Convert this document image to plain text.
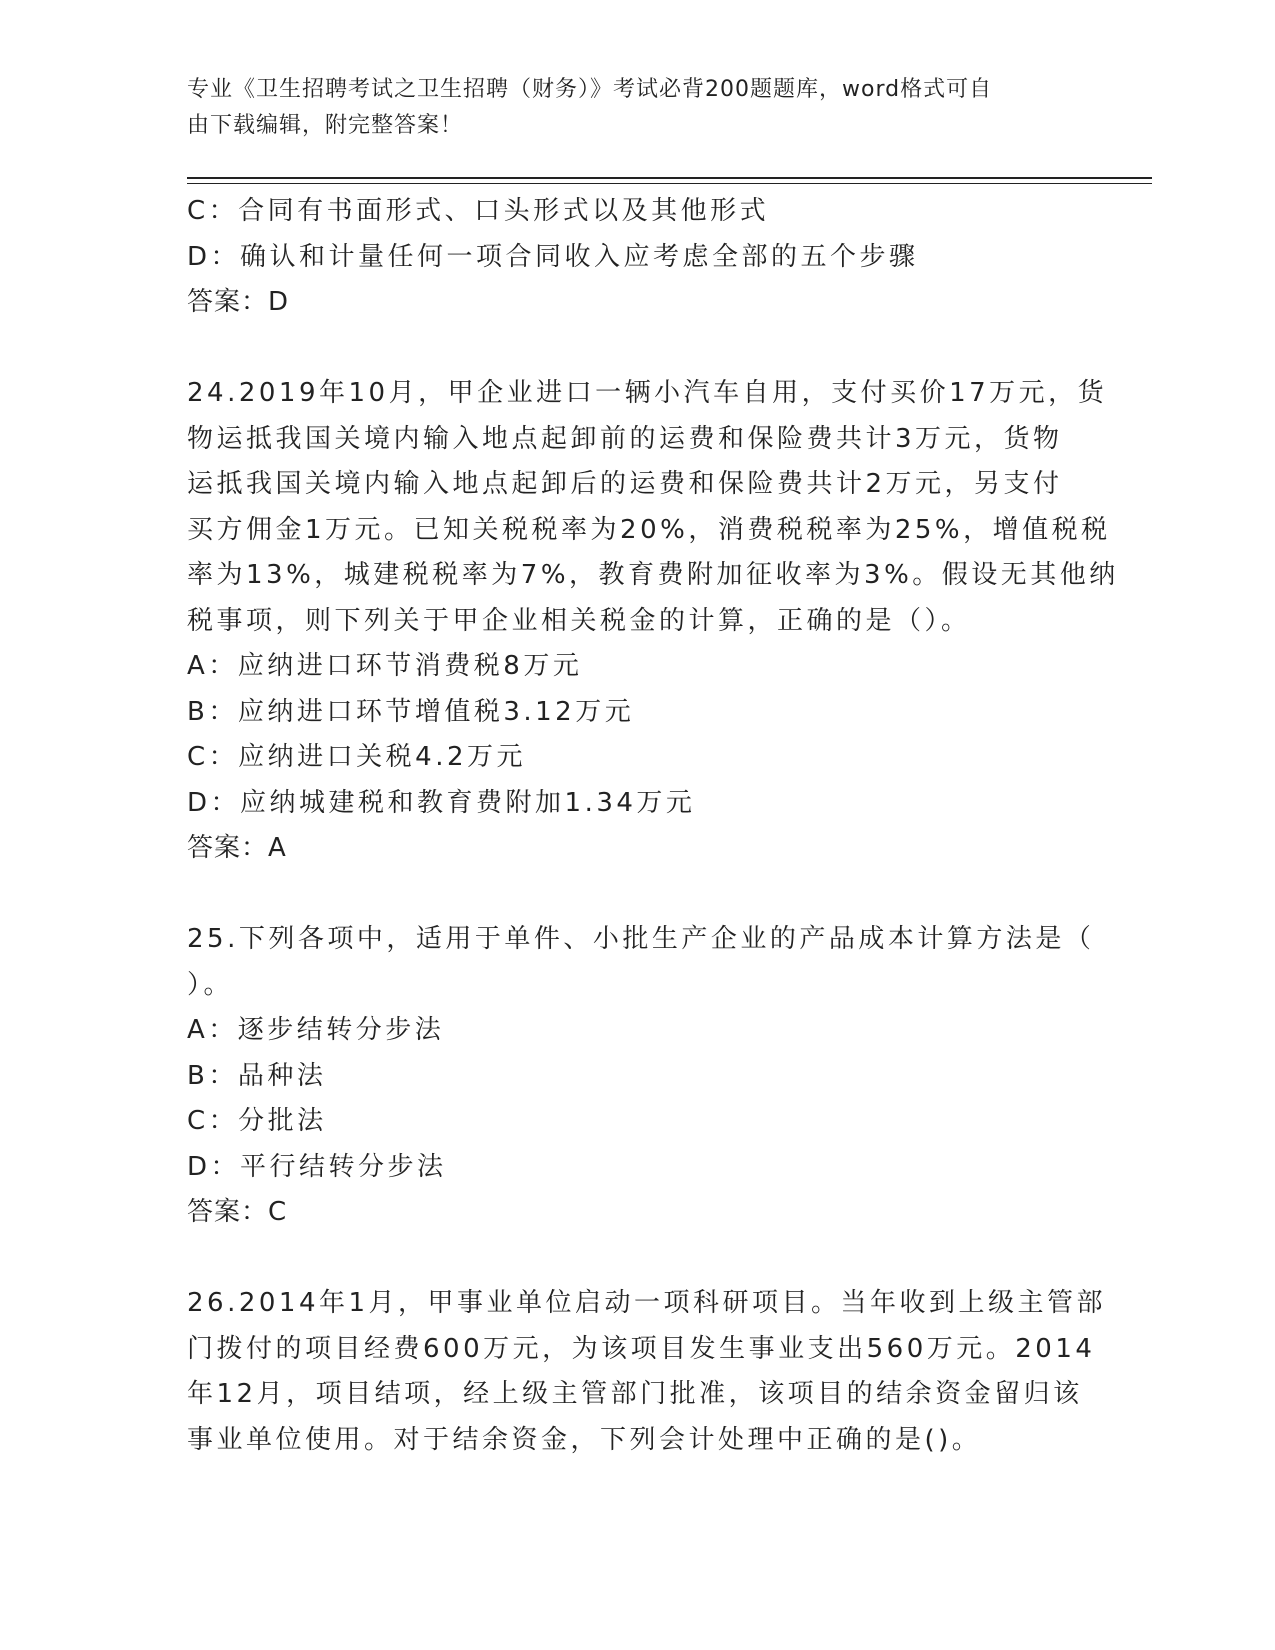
专业《卫生招聘考试之卫生招聘（财务）》考试必背200题题库，word格式可自
由下载编辑，附完整答案！
C：合同有书面形式、口头形式以及其他形式
D：确认和计量任何一项合同收入应考虑全部的五个步骤
答案：D
24.2019年10月，甲企业进口一辆小汽车自用，支付买价17万元，货
物运抵我国关境内输入地点起卸前的运费和保险费共计3万元，货物
运抵我国关境内输入地点起卸后的运费和保险费共计2万元，另支付
买方佣金1万元。已知关税税率为20%，消费税税率为25%，增值税税
率为13%，城建税税率为7%，教育费附加征收率为3%。假设无其他纳
税事项，则下列关于甲企业相关税金的计算，正确的是（）。
A：应纳进口环节消费税8万元
B：应纳进口环节增值税3.12万元
C：应纳进口关税4.2万元
D：应纳城建税和教育费附加1.34万元
答案：A
25.下列各项中，适用于单件、小批生产企业的产品成本计算方法是（
）。
A：逐步结转分步法
B：品种法
C：分批法
D：平行结转分步法
答案：C
26.2014年1月，甲事业单位启动一项科研项目。当年收到上级主管部
门拨付的项目经费600万元，为该项目发生事业支出560万元。2014
年12月，项目结项，经上级主管部门批准，该项目的结余资金留归该
事业单位使用。对于结余资金，下列会计处理中正确的是()。
